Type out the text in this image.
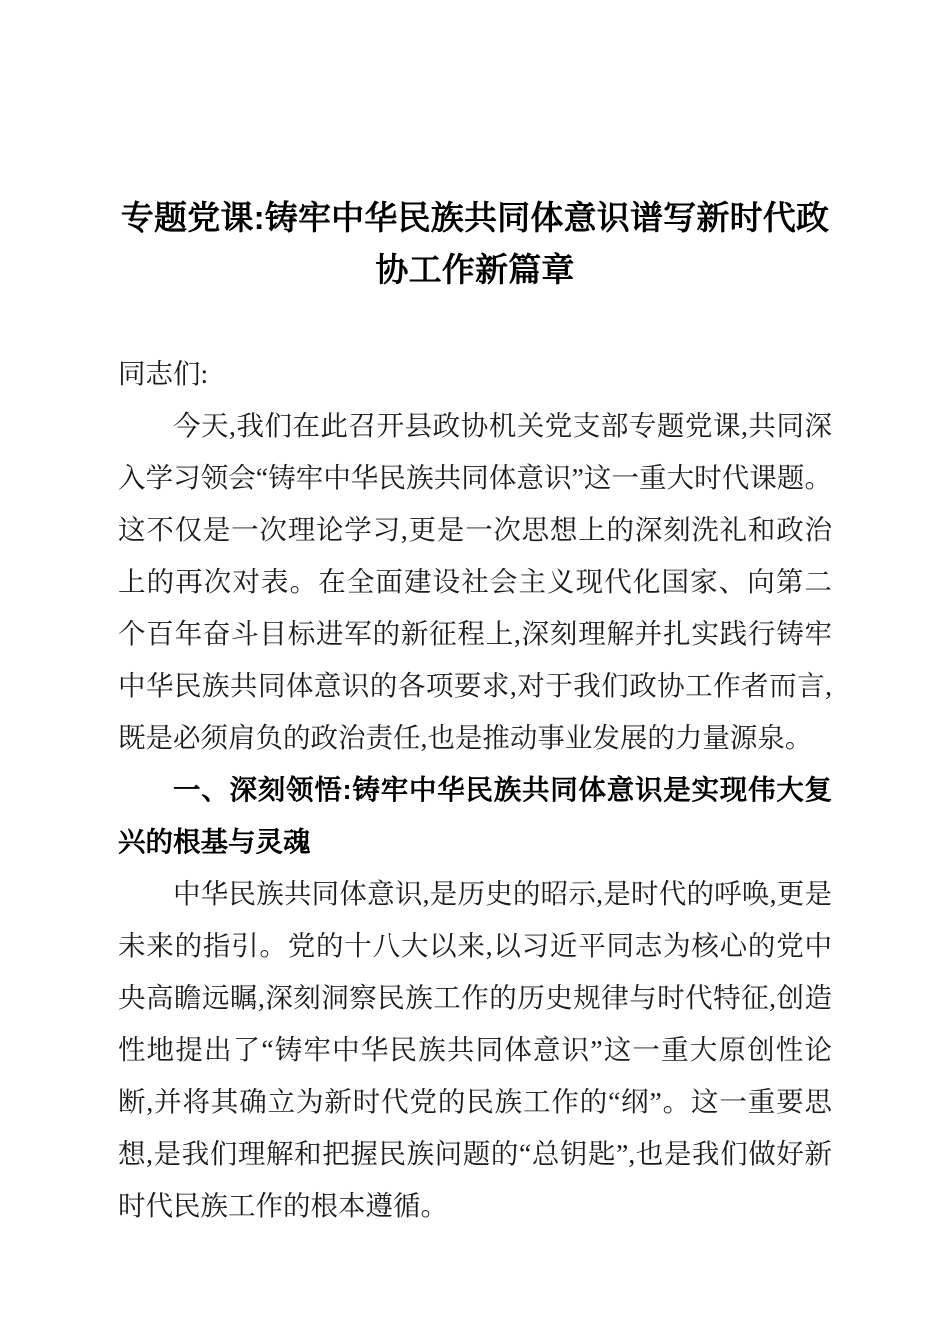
专题党课:铸牢中华民族共同体意识谱写新时代政协工作新篇章

同志们:

今天,我们在此召开县政协机关党支部专题党课,共同深入学习领会“铸牢中华民族共同体意识”这一重大时代课题。这不仅是一次理论学习,更是一次思想上的深刻洗礼和政治上的再次对表。在全面建设社会主义现代化国家、向第二个百年奋斗目标进军的新征程上,深刻理解并扎实践行铸牢中华民族共同体意识的各项要求,对于我们政协工作者而言,既是必须肩负的政治责任,也是推动事业发展的力量源泉。

一、深刻领悟:铸牢中华民族共同体意识是实现伟大复兴的根基与灵魂

中华民族共同体意识,是历史的昭示,是时代的呼唤,更是未来的指引。党的十八大以来,以习近平同志为核心的党中央高瞻远瞩,深刻洞察民族工作的历史规律与时代特征,创造性地提出了“铸牢中华民族共同体意识”这一重大原创性论断,并将其确立为新时代党的民族工作的“纲”。这一重要思想,是我们理解和把握民族问题的“总钥匙”,也是我们做好新时代民族工作的根本遵循。
